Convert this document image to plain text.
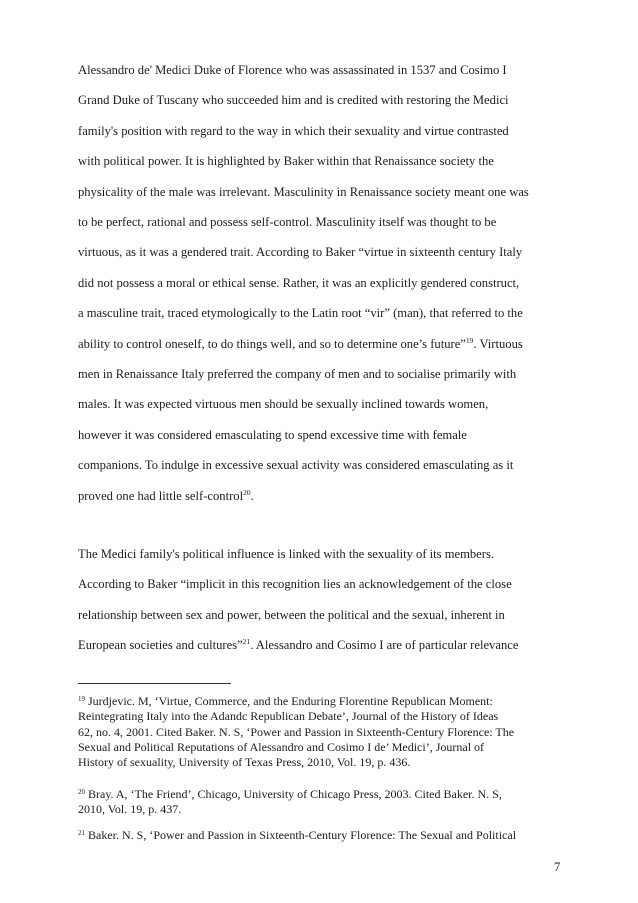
Alessandro de' Medici Duke of Florence who was assassinated in 1537 and Cosimo I
Grand Duke of Tuscany who succeeded him and is credited with restoring the Medici
family's position with regard to the way in which their sexuality and virtue contrasted
with political power. It is highlighted by Baker within that Renaissance society the
physicality of the male was irrelevant. Masculinity in Renaissance society meant one was
to be perfect, rational and possess self-control. Masculinity itself was thought to be
virtuous, as it was a gendered trait. According to Baker “virtue in sixteenth century Italy
did not possess a moral or ethical sense. Rather, it was an explicitly gendered construct,
a masculine trait, traced etymologically to the Latin root “vir” (man), that referred to the
ability to control oneself, to do things well, and so to determine one’s future”$^{19}$. Virtuous
men in Renaissance Italy preferred the company of men and to socialise primarily with
males. It was expected virtuous men should be sexually inclined towards women,
however it was considered emasculating to spend excessive time with female
companions. To indulge in excessive sexual activity was considered emasculating as it
proved one had little self-control$^{20}$.
The Medici family's political influence is linked with the sexuality of its members.
According to Baker “implicit in this recognition lies an acknowledgement of the close
relationship between sex and power, between the political and the sexual, inherent in
European societies and cultures”$^{21}$. Alessandro and Cosimo I are of particular relevance
$^{19}$ Jurdjevic. M, ‘Virtue, Commerce, and the Enduring Florentine Republican Moment:
Reintegrating Italy into the Adandc Republican Debate’, Journal of the History of Ideas
62, no. 4, 2001. Cited Baker. N. S, ‘Power and Passion in Sixteenth-Century Florence: The
Sexual and Political Reputations of Alessandro and Cosimo I de’ Medici’, Journal of
History of sexuality, University of Texas Press, 2010, Vol. 19, p. 436.
$^{20}$ Bray. A, ‘The Friend’, Chicago, University of Chicago Press, 2003. Cited Baker. N. S,
2010, Vol. 19, p. 437.
$^{21}$ Baker. N. S, ‘Power and Passion in Sixteenth-Century Florence: The Sexual and Political
7
